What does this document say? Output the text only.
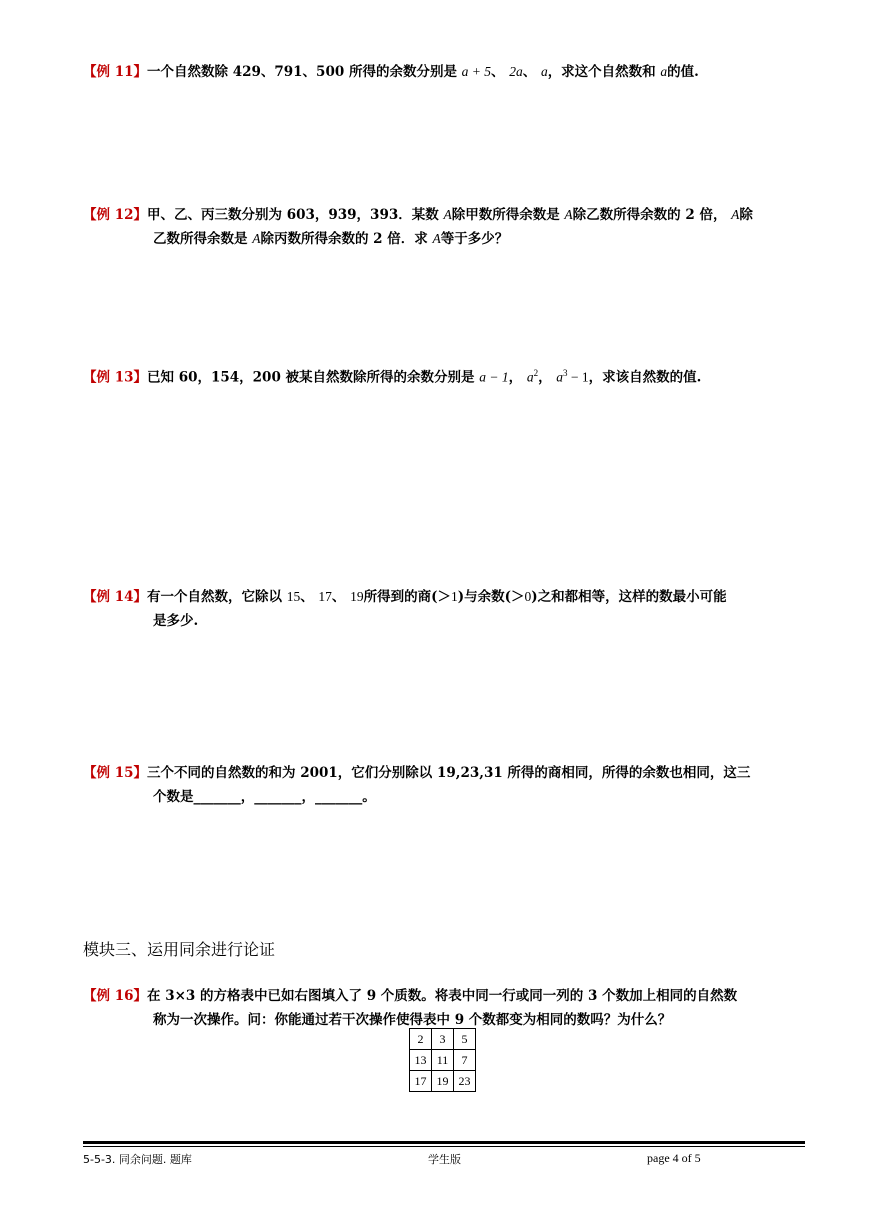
【例 11】一个自然数除 429、791、500 所得的余数分别是 a + 5、 2a、 a，求这个自然数和 a的值.
【例 12】甲、乙、丙三数分别为 603，939，393．某数 A除甲数所得余数是 A除乙数所得余数的 2 倍， A除
乙数所得余数是 A除丙数所得余数的 2 倍．求 A等于多少？
【例 13】已知 60，154，200 被某自然数除所得的余数分别是 a − 1， $a^2$， $a^3 - 1$，求该自然数的值.
【例 14】有一个自然数，它除以 15、 17、 19所得到的商(＞1)与余数(＞0)之和都相等，这样的数最小可能
是多少.
【例 15】三个不同的自然数的和为 2001，它们分别除以 19,23,31 所得的商相同，所得的余数也相同，这三
个数是_______，_______，_______。
模块三、运用同余进行论证
【例 16】在 3×3 的方格表中已如右图填入了 9 个质数。将表中同一行或同一列的 3 个数加上相同的自然数
称为一次操作。问：你能通过若干次操作使得表中 9 个数都变为相同的数吗？为什么？
2	3	5
13	11	7
17	19	23
5-5-3. 同余问题. 题库	学生版	page 4 of 5
